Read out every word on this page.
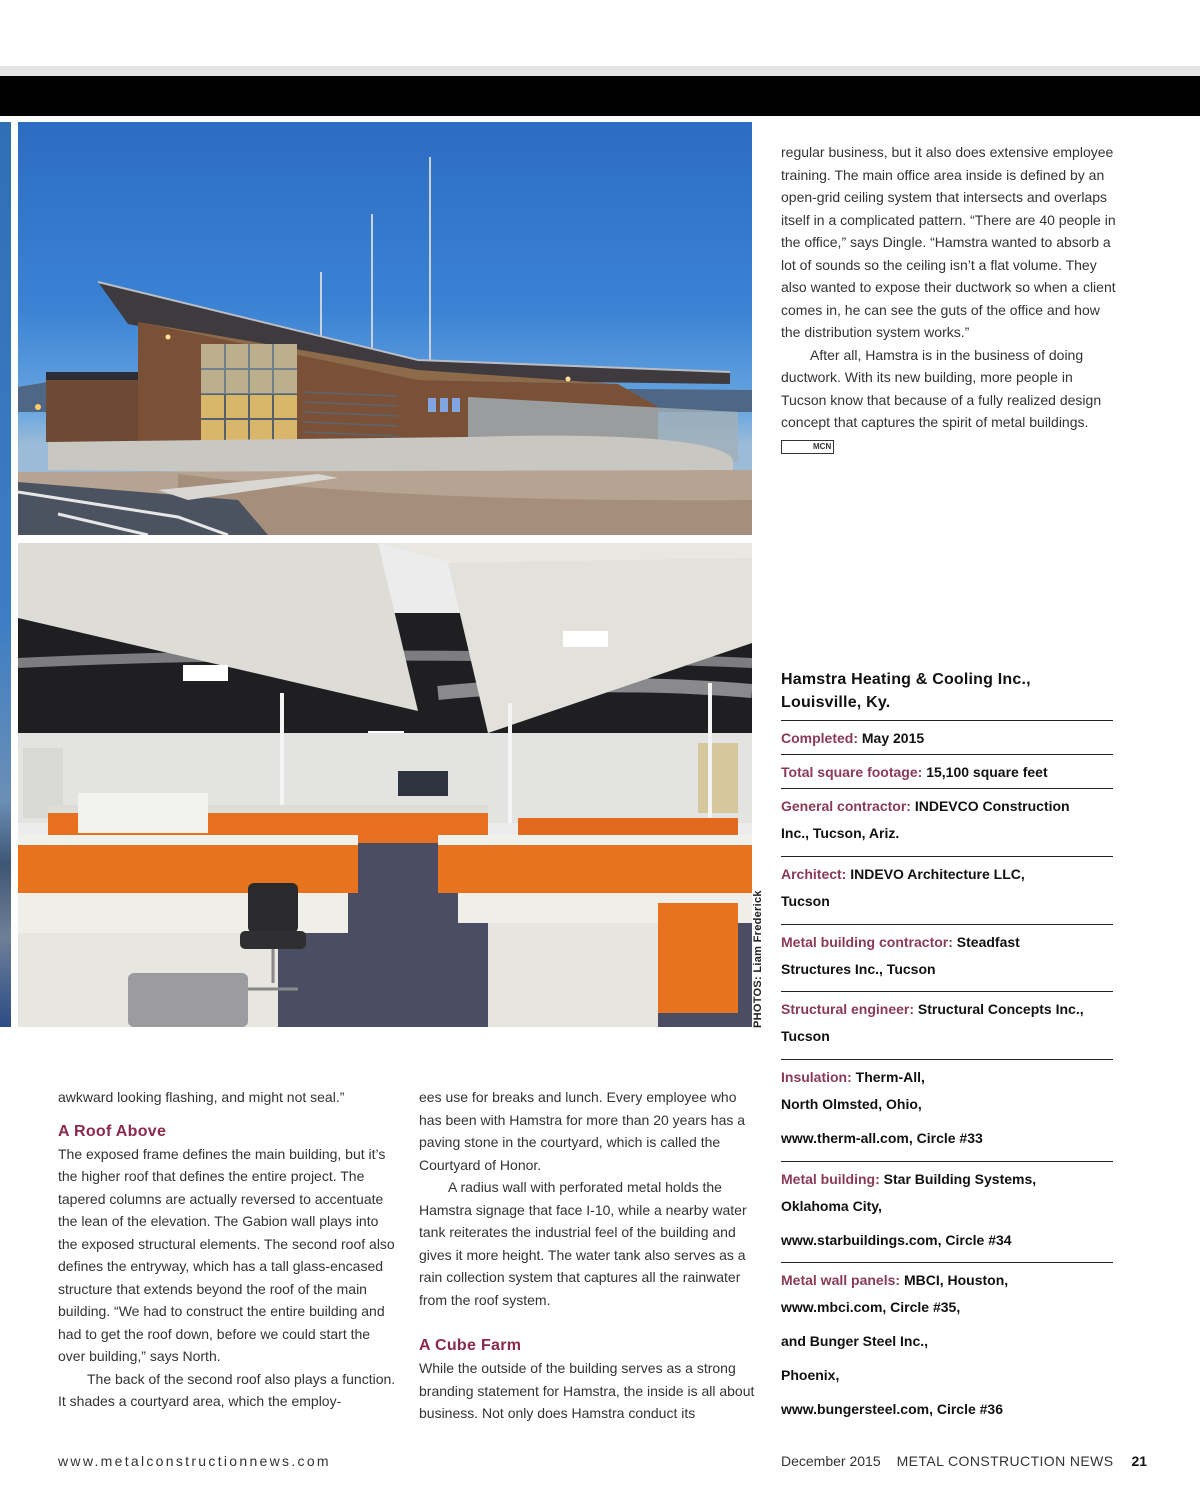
PHOTOS: Liam Frederick

regular business, but it also does extensive employee training. The main office area inside is defined by an open-grid ceiling system that intersects and overlaps itself in a complicated pattern. “There are 40 people in the office,” says Dingle. “Hamstra wanted to absorb a lot of sounds so the ceiling isn’t a flat volume. They also wanted to expose their ductwork so when a client comes in, he can see the guts of the office and how the distribution system works.”

After all, Hamstra is in the business of doing ductwork. With its new building, more people in Tucson know that because of a fully realized design concept that captures the spirit of metal buildings. MCN

Hamstra Heating & Cooling Inc.,
Louisville, Ky.
Completed: May 2015
Total square footage: 15,100 square feet
General contractor: INDEVCO Construction
Inc., Tucson, Ariz.
Architect: INDEVO Architecture LLC,
Tucson
Metal building contractor: Steadfast
Structures Inc., Tucson
Structural engineer: Structural Concepts Inc.,
Tucson
Insulation: Therm-All,
North Olmsted, Ohio,
www.therm-all.com, Circle #33
Metal building: Star Building Systems,
Oklahoma City,
www.starbuildings.com, Circle #34
Metal wall panels: MBCI, Houston,
www.mbci.com, Circle #35,
and Bunger Steel Inc.,
Phoenix,
www.bungersteel.com, Circle #36

awkward looking flashing, and might not seal.”

A Roof Above

The exposed frame defines the main building, but it’s the higher roof that defines the entire project. The tapered columns are actually reversed to accentuate the lean of the elevation. The Gabion wall plays into the exposed structural elements. The second roof also defines the entryway, which has a tall glass-encased structure that extends beyond the roof of the main building. “We had to construct the entire building and had to get the roof down, before we could start the over building,” says North.

The back of the second roof also plays a function. It shades a courtyard area, which the employ-

ees use for breaks and lunch. Every employee who has been with Hamstra for more than 20 years has a paving stone in the courtyard, which is called the Courtyard of Honor.

A radius wall with perforated metal holds the Hamstra signage that face I-10, while a nearby water tank reiterates the industrial feel of the building and gives it more height. The water tank also serves as a rain collection system that captures all the rainwater from the roof system.

A Cube Farm

While the outside of the building serves as a strong branding statement for Hamstra, the inside is all about business. Not only does Hamstra conduct its

www.metalconstructionnews.com	December 2015 METAL CONSTRUCTION NEWS 21
